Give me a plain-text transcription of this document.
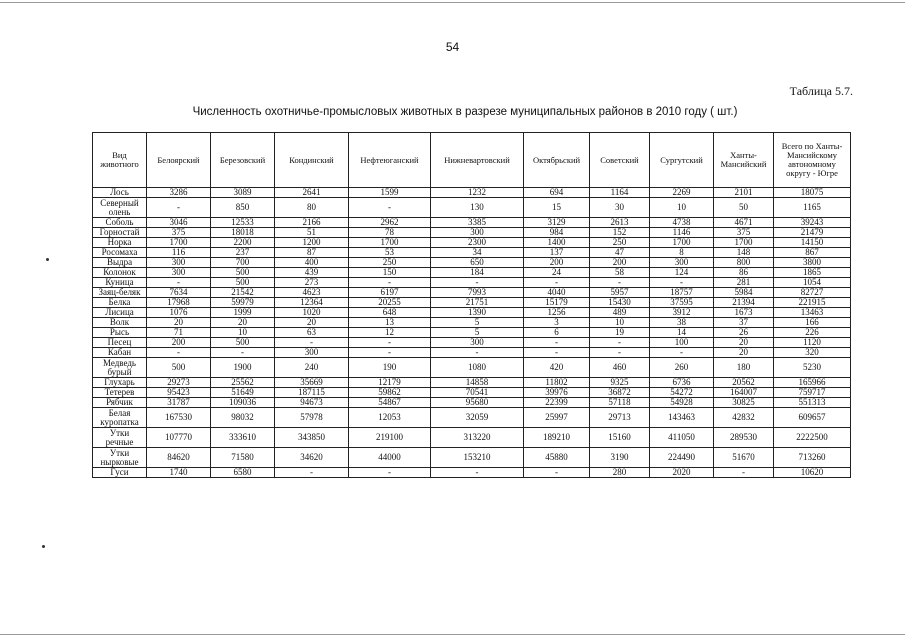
54
Таблица 5.7.
Численность охотничье-промысловых животных в разрезе муниципальных районов в 2010 году ( шт.)
Вид животного	Белоярский	Березовский	Кондинский	Нефтеюганский	Нижневартовский	Октябрьский	Советский	Сургутский	Ханты-Мансийский	Всего по Ханты-Мансийскому автономному округу - Югре
Лось	3286	3089	2641	1599	1232	694	1164	2269	2101	18075
Северный олень	-	850	80	-	130	15	30	10	50	1165
Соболь	3046	12533	2166	2962	3385	3129	2613	4738	4671	39243
Горностай	375	18018	51	78	300	984	152	1146	375	21479
Норка	1700	2200	1200	1700	2300	1400	250	1700	1700	14150
Росомаха	116	237	87	53	34	137	47	8	148	867
Выдра	300	700	400	250	650	200	200	300	800	3800
Колонок	300	500	439	150	184	24	58	124	86	1865
Куница	-	500	273	-	-	-	-	-	281	1054
Заяц-беляк	7634	21542	4623	6197	7993	4040	5957	18757	5984	82727
Белка	17968	59979	12364	20255	21751	15179	15430	37595	21394	221915
Лисица	1076	1999	1020	648	1390	1256	489	3912	1673	13463
Волк	20	20	20	13	5	3	10	38	37	166
Рысь	71	10	63	12	5	6	19	14	26	226
Песец	200	500	-	-	300	-	-	100	20	1120
Кабан	-	-	300	-	-	-	-	-	20	320
Медведь бурый	500	1900	240	190	1080	420	460	260	180	5230
Глухарь	29273	25562	35669	12179	14858	11802	9325	6736	20562	165966
Тетерев	95423	51649	187115	59862	70541	39976	36872	54272	164007	759717
Рябчик	31787	109036	94673	54867	95680	22399	57118	54928	30825	551313
Белая куропатка	167530	98032	57978	12053	32059	25997	29713	143463	42832	609657
Утки речные	107770	333610	343850	219100	313220	189210	15160	411050	289530	2222500
Утки нырковые	84620	71580	34620	44000	153210	45880	3190	224490	51670	713260
Гуси	1740	6580	-	-	-	-	280	2020	-	10620
